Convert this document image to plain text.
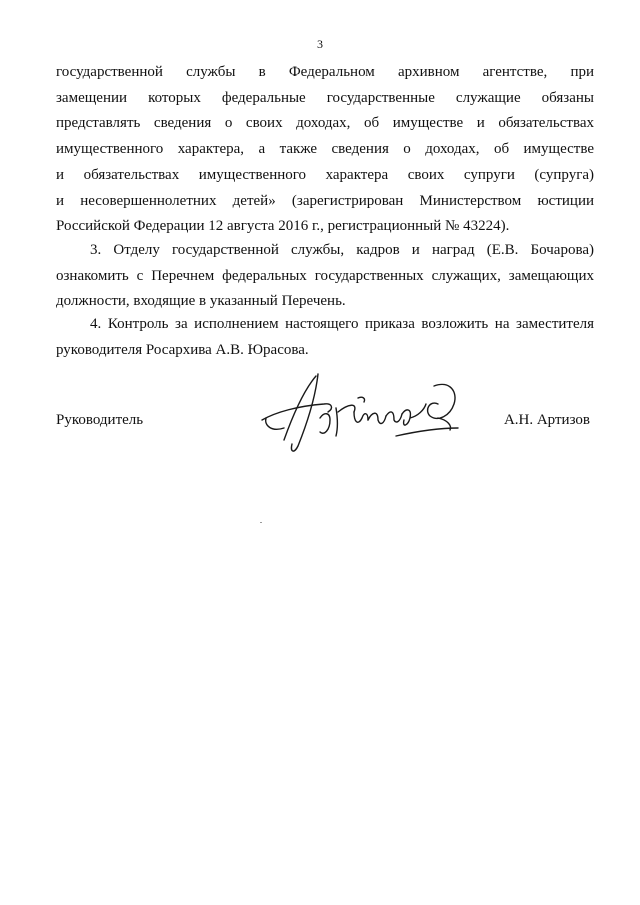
3
государственной службы в Федеральном архивном агентстве, при
замещении которых федеральные государственные служащие обязаны
представлять сведения о своих доходах, об имуществе и обязательствах
имущественного характера, а также сведения о доходах, об имуществе
и обязательствах имущественного характера своих супруги (супруга)
и несовершеннолетних детей» (зарегистрирован Министерством юстиции
Российской Федерации 12 августа 2016 г., регистрационный № 43224).
3. Отделу государственной службы, кадров и наград (Е.В. Бочарова)
ознакомить с Перечнем федеральных государственных служащих, замещающих
должности, входящие в указанный Перечень.
4. Контроль за исполнением настоящего приказа возложить на заместителя
руководителя Росархива А.В. Юрасова.
Руководитель	А.Н. Артизов
